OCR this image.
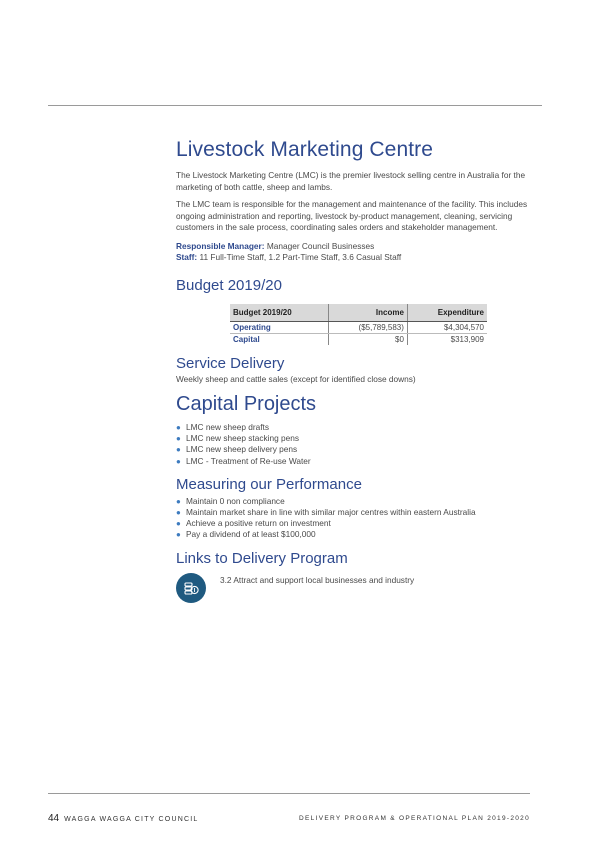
Livestock Marketing Centre

The Livestock Marketing Centre (LMC) is the premier livestock selling centre in Australia for the marketing of both cattle, sheep and lambs.

The LMC team is responsible for the management and maintenance of the facility. This includes ongoing administration and reporting, livestock by-product management, cleaning, servicing customers in the sale process, coordinating sales orders and stakeholder management.

Responsible Manager: Manager Council Businesses
Staff: 11 Full-Time Staff, 1.2 Part-Time Staff, 3.6 Casual Staff
Budget 2019/20
Budget 2019/20	Income	Expenditure
Operating	($5,789,583)	$4,304,570
Capital	$0	$313,909
Service Delivery

Weekly sheep and cattle sales (except for identified close downs)

Capital Projects
● LMC new sheep drafts
● LMC new sheep stacking pens
● LMC new sheep delivery pens
● LMC - Treatment of Re-use Water
Measuring our Performance
● Maintain 0 non compliance
● Maintain market share in line with similar major centres within eastern Australia
● Achieve a positive return on investment
● Pay a dividend of at least $100,000
Links to Delivery Program
3.2 Attract and support local businesses and industry
44 WAGGA WAGGA CITY COUNCIL	DELIVERY PROGRAM & OPERATIONAL PLAN 2019-2020
